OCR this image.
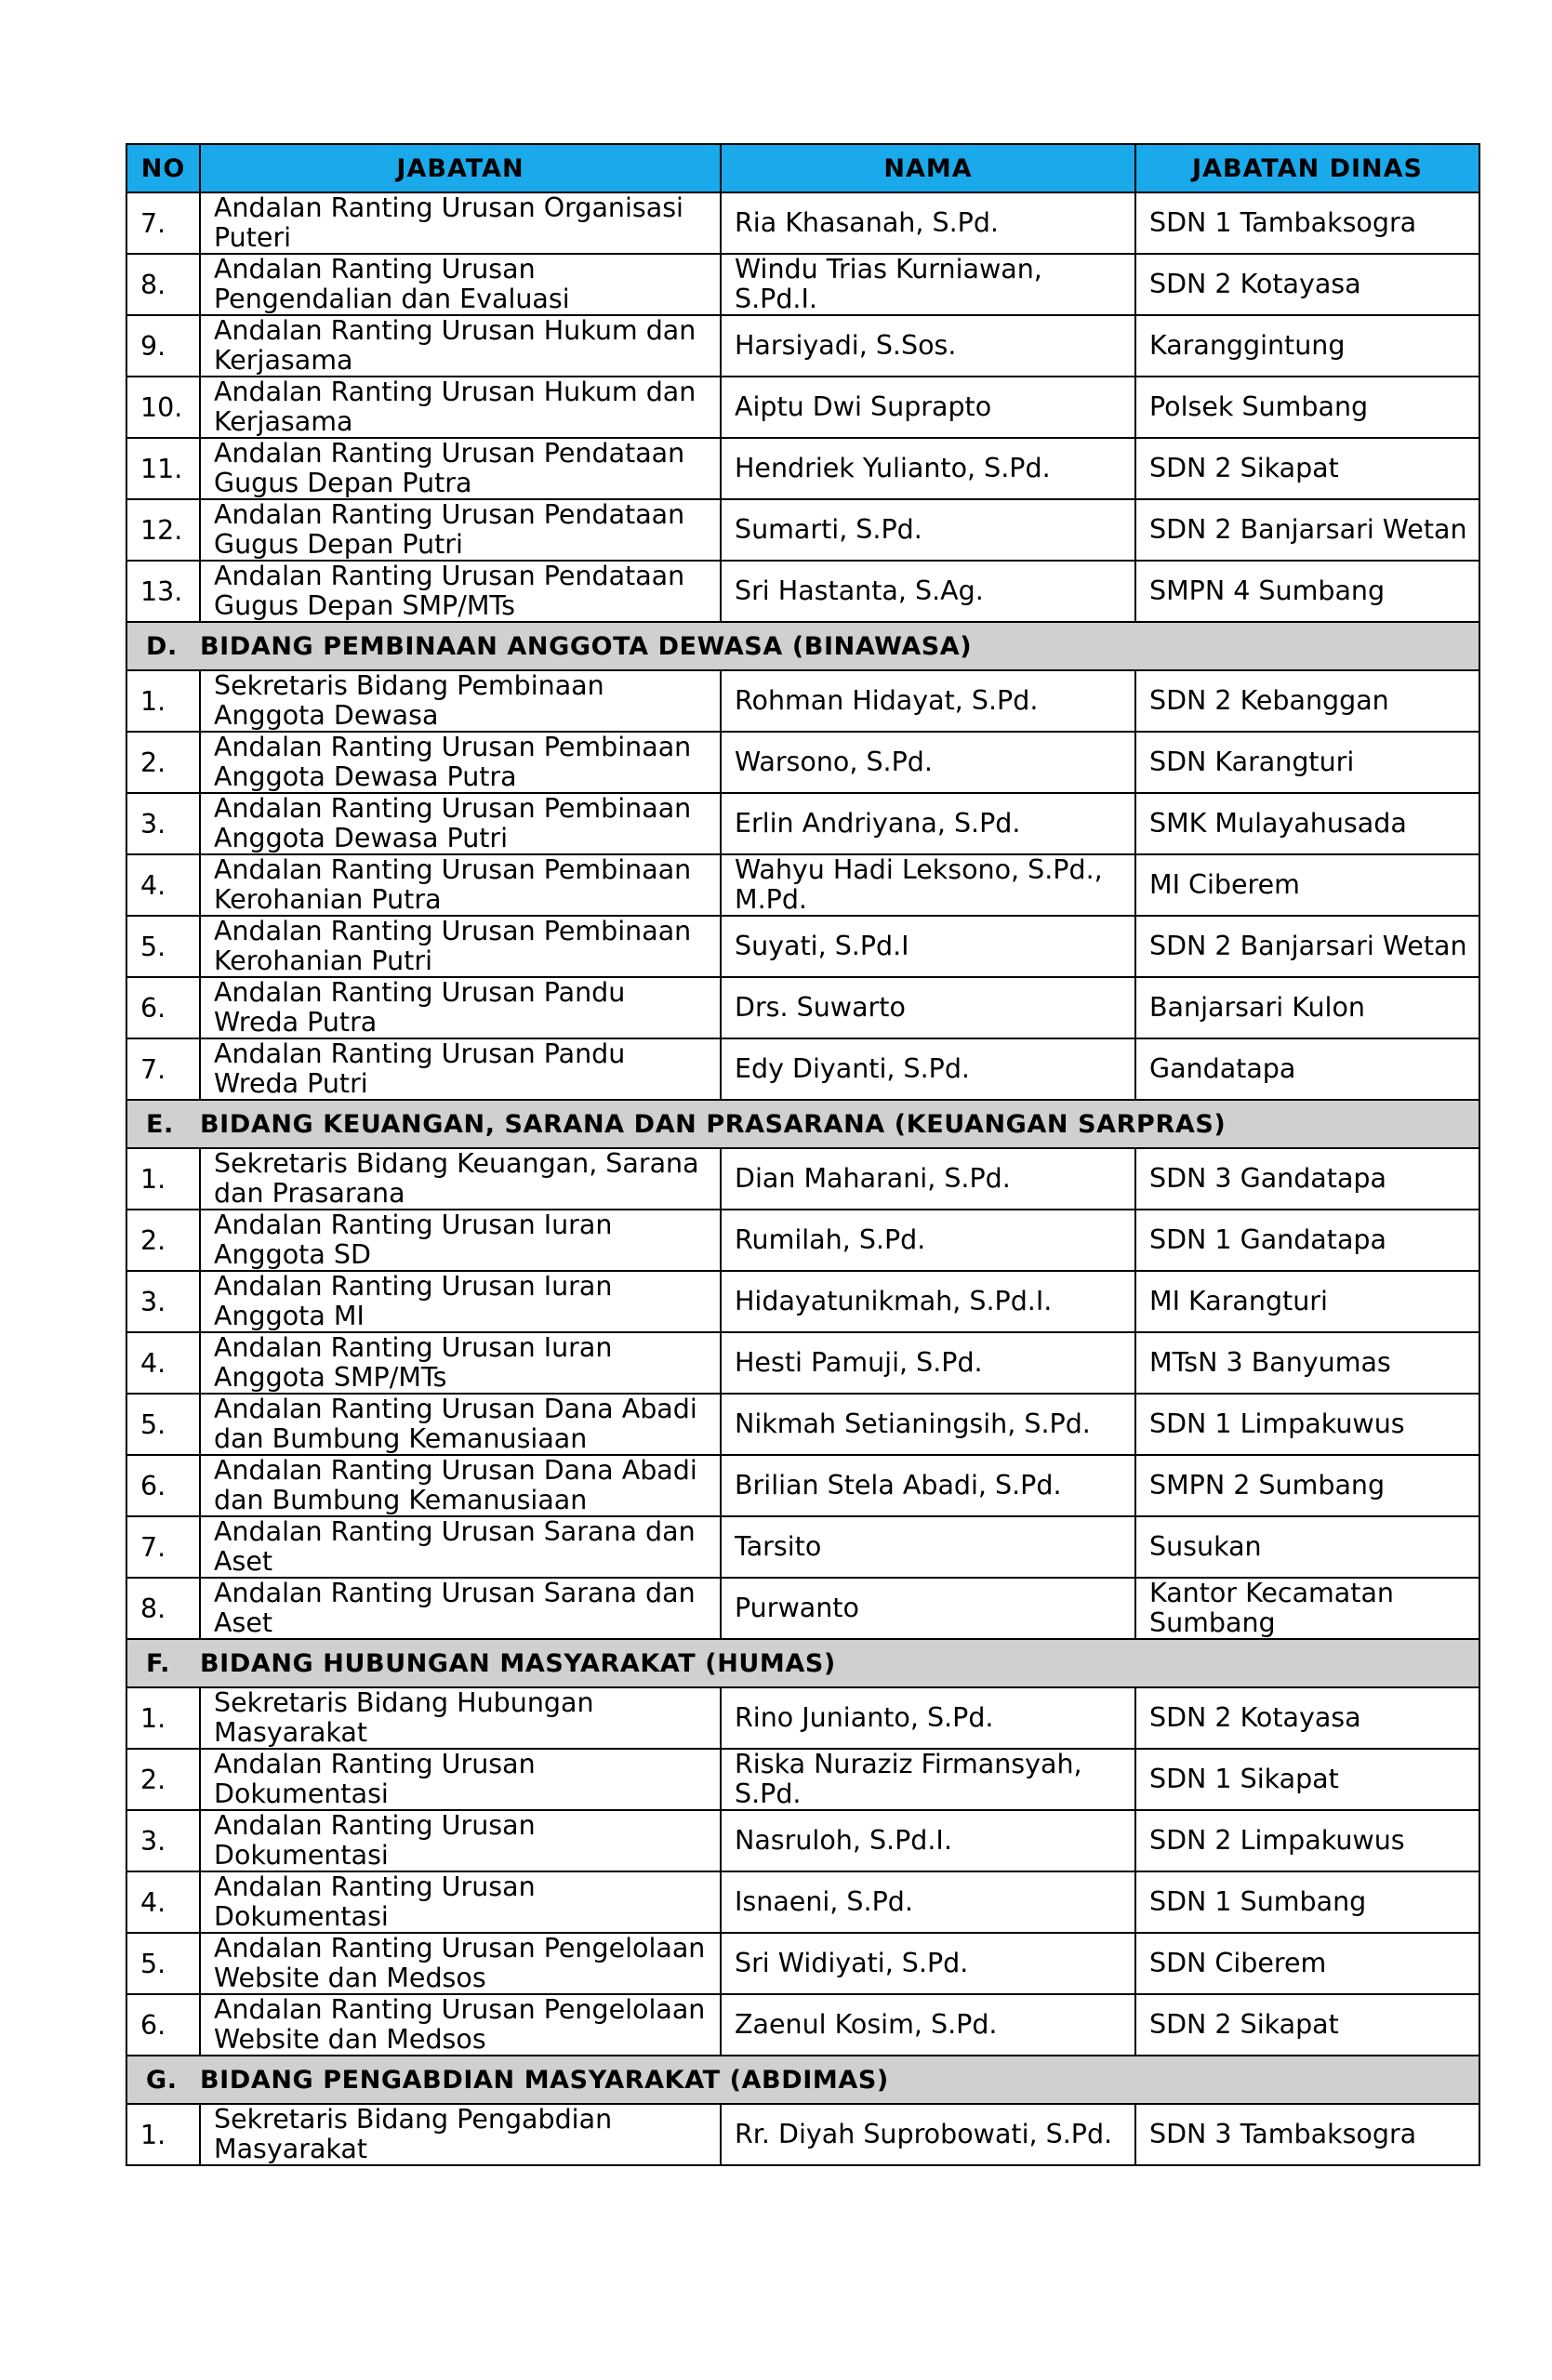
NO	JABATAN	NAMA	JABATAN DINAS
7.	Andalan Ranting Urusan Organisasi Puteri	Ria Khasanah, S.Pd.	SDN 1 Tambaksogra
8.	Andalan Ranting Urusan Pengendalian dan Evaluasi	Windu Trias Kurniawan, S.Pd.I.	SDN 2 Kotayasa
9.	Andalan Ranting Urusan Hukum dan Kerjasama	Harsiyadi, S.Sos.	Karanggintung
10.	Andalan Ranting Urusan Hukum dan Kerjasama	Aiptu Dwi Suprapto	Polsek Sumbang
11.	Andalan Ranting Urusan Pendataan Gugus Depan Putra	Hendriek Yulianto, S.Pd.	SDN 2 Sikapat
12.	Andalan Ranting Urusan Pendataan Gugus Depan Putri	Sumarti, S.Pd.	SDN 2 Banjarsari Wetan
13.	Andalan Ranting Urusan Pendataan Gugus Depan SMP/MTs	Sri Hastanta, S.Ag.	SMPN 4 Sumbang
D. BIDANG PEMBINAAN ANGGOTA DEWASA (BINAWASA)			
1.	Sekretaris Bidang Pembinaan Anggota Dewasa	Rohman Hidayat, S.Pd.	SDN 2 Kebanggan
2.	Andalan Ranting Urusan Pembinaan Anggota Dewasa Putra	Warsono, S.Pd.	SDN Karangturi
3.	Andalan Ranting Urusan Pembinaan Anggota Dewasa Putri	Erlin Andriyana, S.Pd.	SMK Mulayahusada
4.	Andalan Ranting Urusan Pembinaan Kerohanian Putra	Wahyu Hadi Leksono, S.Pd., M.Pd.	MI Ciberem
5.	Andalan Ranting Urusan Pembinaan Kerohanian Putri	Suyati, S.Pd.I	SDN 2 Banjarsari Wetan
6.	Andalan Ranting Urusan Pandu Wreda Putra	Drs. Suwarto	Banjarsari Kulon
7.	Andalan Ranting Urusan Pandu Wreda Putri	Edy Diyanti, S.Pd.	Gandatapa
E. BIDANG KEUANGAN, SARANA DAN PRASARANA (KEUANGAN SARPRAS)			
1.	Sekretaris Bidang Keuangan, Sarana dan Prasarana	Dian Maharani, S.Pd.	SDN 3 Gandatapa
2.	Andalan Ranting Urusan Iuran Anggota SD	Rumilah, S.Pd.	SDN 1 Gandatapa
3.	Andalan Ranting Urusan Iuran Anggota MI	Hidayatunikmah, S.Pd.I.	MI Karangturi
4.	Andalan Ranting Urusan Iuran Anggota SMP/MTs	Hesti Pamuji, S.Pd.	MTsN 3 Banyumas
5.	Andalan Ranting Urusan Dana Abadi dan Bumbung Kemanusiaan	Nikmah Setianingsih, S.Pd.	SDN 1 Limpakuwus
6.	Andalan Ranting Urusan Dana Abadi dan Bumbung Kemanusiaan	Brilian Stela Abadi, S.Pd.	SMPN 2 Sumbang
7.	Andalan Ranting Urusan Sarana dan Aset	Tarsito	Susukan
8.	Andalan Ranting Urusan Sarana dan Aset	Purwanto	Kantor Kecamatan Sumbang
F. BIDANG HUBUNGAN MASYARAKAT (HUMAS)			
1.	Sekretaris Bidang Hubungan Masyarakat	Rino Junianto, S.Pd.	SDN 2 Kotayasa
2.	Andalan Ranting Urusan Dokumentasi	Riska Nuraziz Firmansyah, S.Pd.	SDN 1 Sikapat
3.	Andalan Ranting Urusan Dokumentasi	Nasruloh, S.Pd.I.	SDN 2 Limpakuwus
4.	Andalan Ranting Urusan Dokumentasi	Isnaeni, S.Pd.	SDN 1 Sumbang
5.	Andalan Ranting Urusan Pengelolaan Website dan Medsos	Sri Widiyati, S.Pd.	SDN Ciberem
6.	Andalan Ranting Urusan Pengelolaan Website dan Medsos	Zaenul Kosim, S.Pd.	SDN 2 Sikapat
G. BIDANG PENGABDIAN MASYARAKAT (ABDIMAS)			
1.	Sekretaris Bidang Pengabdian Masyarakat	Rr. Diyah Suprobowati, S.Pd.	SDN 3 Tambaksogra
